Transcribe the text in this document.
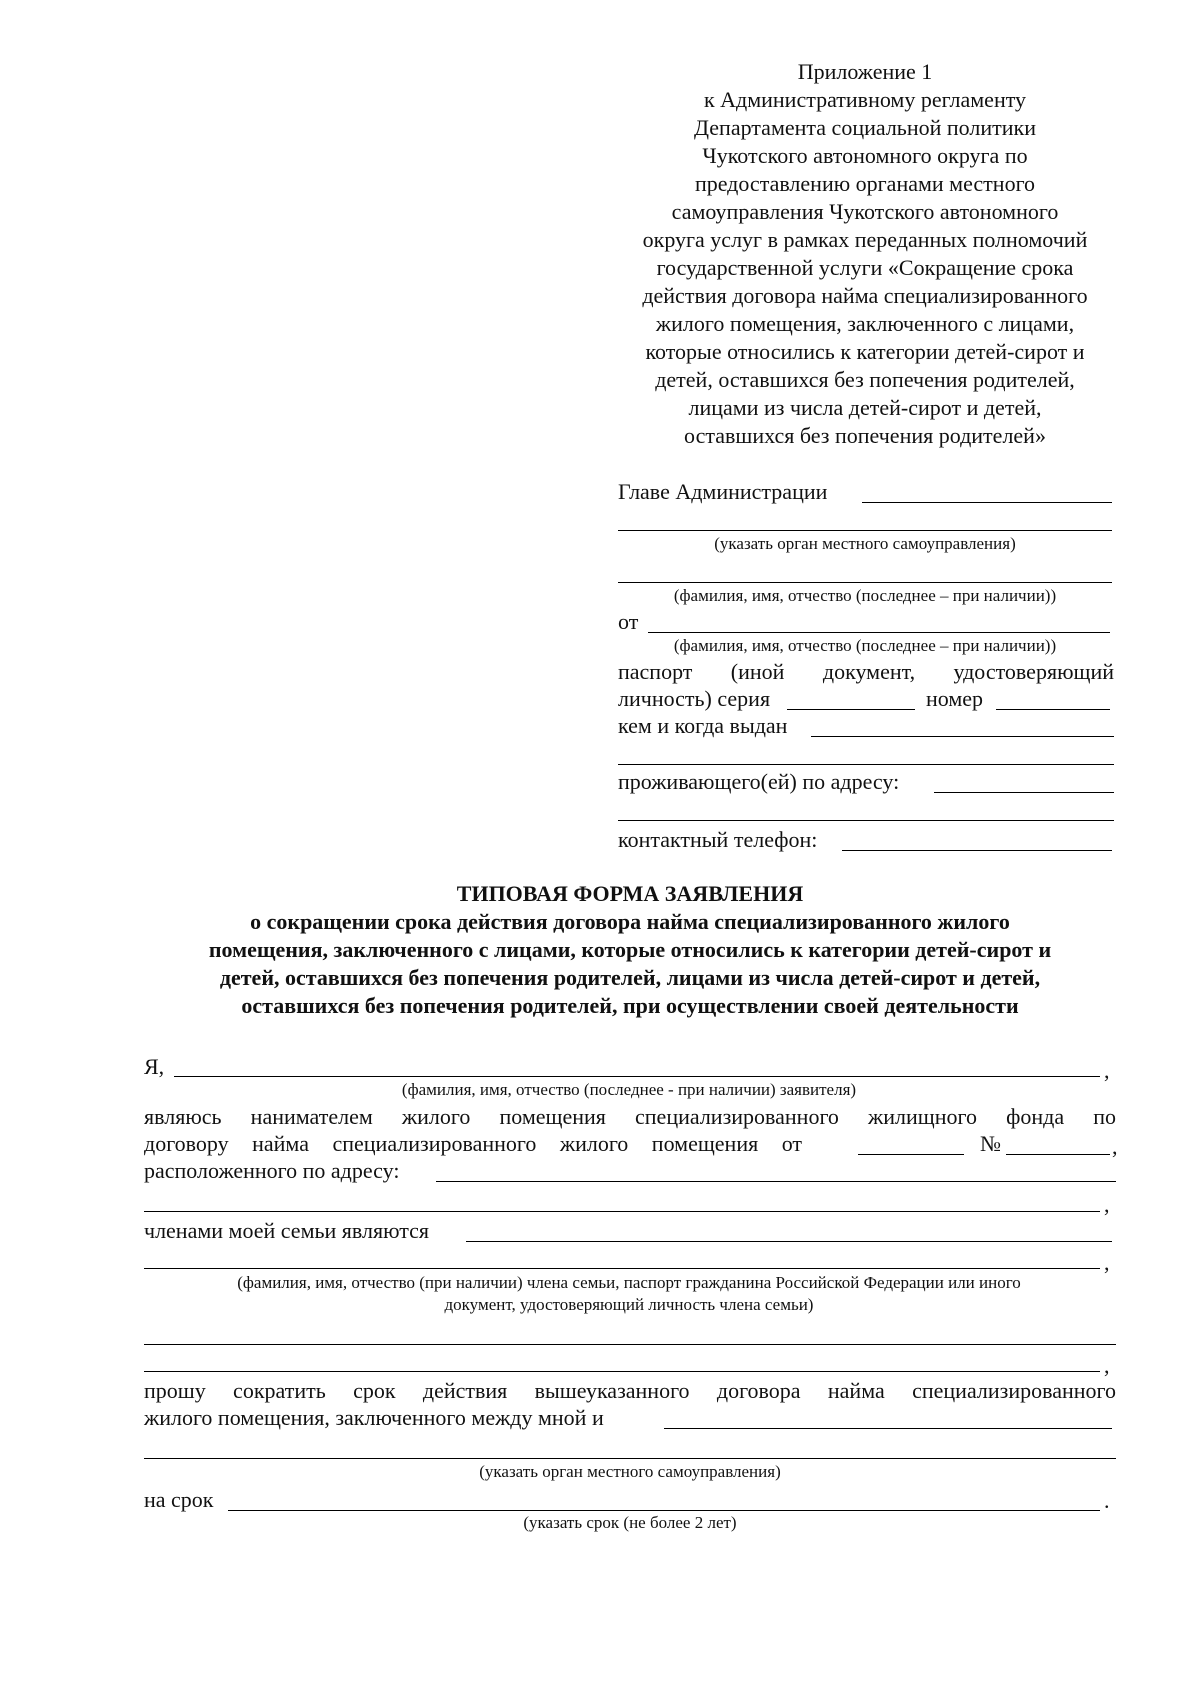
Приложение 1
к Административному регламенту
Департамента социальной политики
Чукотского автономного округа по
предоставлению органами местного
самоуправления Чукотского автономного
округа услуг в рамках переданных полномочий
государственной услуги «Сокращение срока
действия договора найма специализированного
жилого помещения, заключенного с лицами,
которые относились к категории детей-сирот и
детей, оставшихся без попечения родителей,
лицами из числа детей-сирот и детей,
оставшихся без попечения родителей»
Главе Администрации
(указать орган местного самоуправления)
(фамилия, имя, отчество (последнее – при наличии))
от
(фамилия, имя, отчество (последнее – при наличии))
паспорт (иной документ, удостоверяющий
личность) серия	номер
кем и когда выдан
проживающего(ей) по адресу:
контактный телефон:
ТИПОВАЯ ФОРМА ЗАЯВЛЕНИЯ
о сокращении срока действия договора найма специализированного жилого
помещения, заключенного с лицами, которые относились к категории детей-сирот и
детей, оставшихся без попечения родителей, лицами из числа детей-сирот и детей,
оставшихся без попечения родителей, при осуществлении своей деятельности
Я,	,
(фамилия, имя, отчество (последнее - при наличии) заявителя)
являюсь нанимателем жилого помещения специализированного жилищного фонда по
договору найма специализированного жилого помещения от	№	,
расположенного по адресу:
,
членами моей семьи являются
,
(фамилия, имя, отчество (при наличии) члена семьи, паспорт гражданина Российской Федерации или иного
документ, удостоверяющий личность члена семьи)
,
прошу сократить срок действия вышеуказанного договора найма специализированного
жилого помещения, заключенного между мной и
(указать орган местного самоуправления)
на срок	.
(указать срок (не более 2 лет)
